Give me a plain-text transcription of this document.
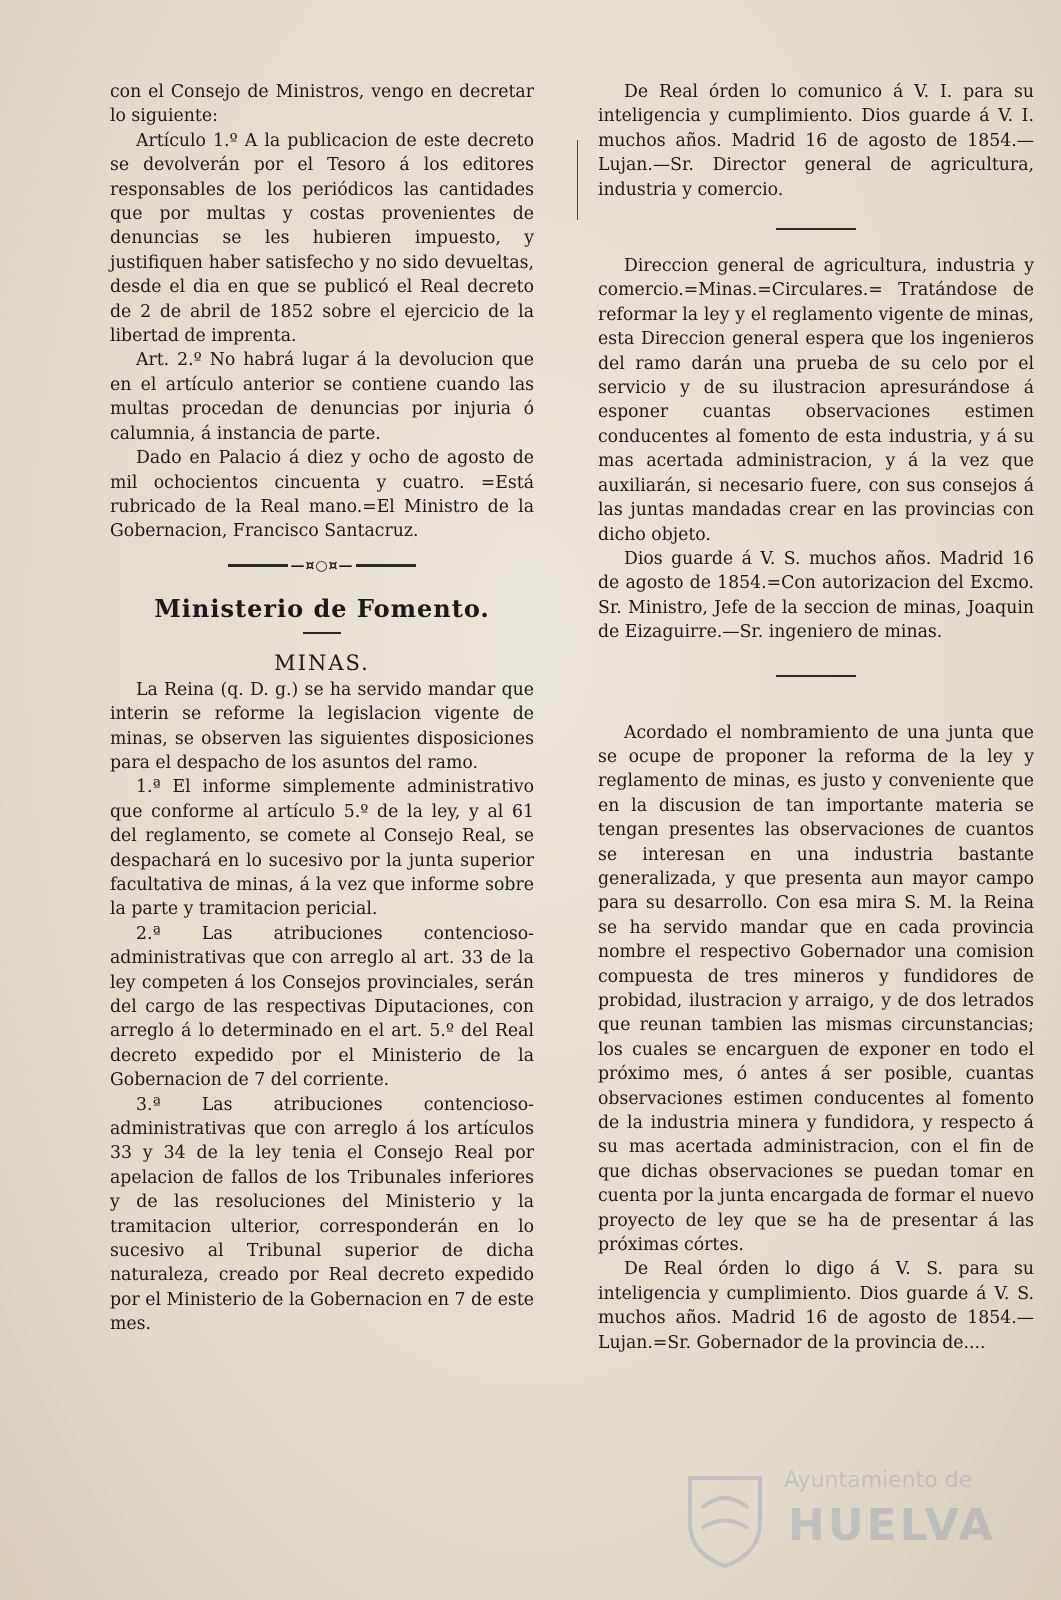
con el Consejo de Ministros, vengo en decretar lo siguiente:

Artículo 1.º A la publicacion de este decreto se devolverán por el Tesoro á los editores responsables de los periódicos las cantidades que por multas y costas provenientes de denuncias se les hubieren impuesto, y justifiquen haber satisfecho y no sido devueltas, desde el dia en que se publicó el Real decreto de 2 de abril de 1852 sobre el ejercicio de la libertad de imprenta.

Art. 2.º No habrá lugar á la devolucion que en el artículo anterior se contiene cuando las multas procedan de denuncias por injuria ó calumnia, á instancia de parte.

Dado en Palacio á diez y ocho de agosto de mil ochocientos cincuenta y cuatro. =Está rubricado de la Real mano.=El Ministro de la Gobernacion, Francisco Santacruz.

—¤○¤—
Ministerio de Fomento.
MINAS.

La Reina (q. D. g.) se ha servido mandar que interin se reforme la legislacion vigente de minas, se observen las siguientes disposiciones para el despacho de los asuntos del ramo.

1.ª El informe simplemente administrativo que conforme al artículo 5.º de la ley, y al 61 del reglamento, se comete al Consejo Real, se despachará en lo sucesivo por la junta superior facultativa de minas, á la vez que informe sobre la parte y tramitacion pericial.

2.ª Las atribuciones contencioso-administrativas que con arreglo al art. 33 de la ley competen á los Consejos provinciales, serán del cargo de las respectivas Diputaciones, con arreglo á lo determinado en el art. 5.º del Real decreto expedido por el Ministerio de la Gobernacion de 7 del corriente.

3.ª Las atribuciones contencioso-administrativas que con arreglo á los artículos 33 y 34 de la ley tenia el Consejo Real por apelacion de fallos de los Tribunales inferiores y de las resoluciones del Ministerio y la tramitacion ulterior, corresponderán en lo sucesivo al Tribunal superior de dicha naturaleza, creado por Real decreto expedido por el Ministerio de la Gobernacion en 7 de este mes.

De Real órden lo comunico á V. I. para su inteligencia y cumplimiento. Dios guarde á V. I. muchos años. Madrid 16 de agosto de 1854.—Lujan.—Sr. Director general de agricultura, industria y comercio.

Direccion general de agricultura, industria y comercio.=Minas.=Circulares.= Tratándose de reformar la ley y el reglamento vigente de minas, esta Direccion general espera que los ingenieros del ramo darán una prueba de su celo por el servicio y de su ilustracion apresurándose á esponer cuantas observaciones estimen conducentes al fomento de esta industria, y á su mas acertada administracion, y á la vez que auxiliarán, si necesario fuere, con sus consejos á las juntas mandadas crear en las provincias con dicho objeto.

Dios guarde á V. S. muchos años. Madrid 16 de agosto de 1854.=Con autorizacion del Excmo. Sr. Ministro, Jefe de la seccion de minas, Joaquin de Eizaguirre.—Sr. ingeniero de minas.

Acordado el nombramiento de una junta que se ocupe de proponer la reforma de la ley y reglamento de minas, es justo y conveniente que en la discusion de tan importante materia se tengan presentes las observaciones de cuantos se interesan en una industria bastante generalizada, y que presenta aun mayor campo para su desarrollo. Con esa mira S. M. la Reina se ha servido mandar que en cada provincia nombre el respectivo Gobernador una comision compuesta de tres mineros y fundidores de probidad, ilustracion y arraigo, y de dos letrados que reunan tambien las mismas circunstancias; los cuales se encarguen de exponer en todo el próximo mes, ó antes á ser posible, cuantas observaciones estimen conducentes al fomento de la industria minera y fundidora, y respecto á su mas acertada administracion, con el fin de que dichas observaciones se puedan tomar en cuenta por la junta encargada de formar el nuevo proyecto de ley que se ha de presentar á las próximas córtes.

De Real órden lo digo á V. S. para su inteligencia y cumplimiento. Dios guarde á V. S. muchos años. Madrid 16 de agosto de 1854.—Lujan.=Sr. Gobernador de la provincia de....

Ayuntamiento de
HUELVA
